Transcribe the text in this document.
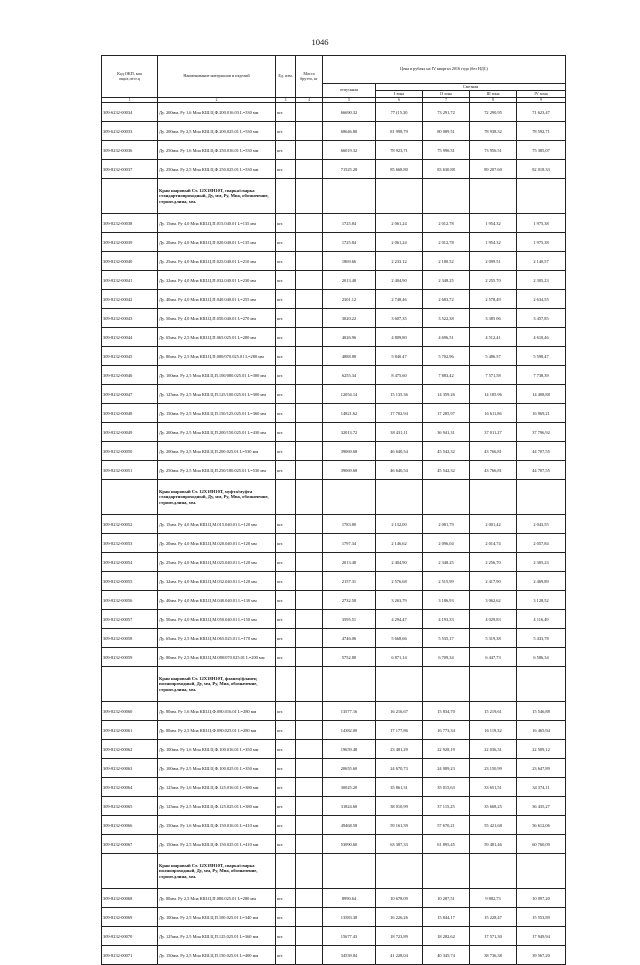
1046
Код ОКП, кап
ощих,чтсг.ц	Наименование материалов и изделий	Ед. изм.	Масса брутто, кг	Цена в рублях на IV квартал 2016 года (без НДС)				
				отпускная	Сметная			
					I зона	II зона	III зона	IV зона
1	2	3	4	5	6	7	8	9
309-6232-00034	Ду. 200мм. Ру 1,6 Мпа КШ.Ц.Ф.200.016.03 L=530 мм	шт.		66690.32	77 (15,30	73 291,72	72 290,95	71 623,47
309-6232-00033	Ду. 200мм. Ру 2,5 Мпа КШ.Ц.Ф.200.025.01 L=530 мм	шт.		68646.80	81 998,79	80 089.51	78 938.32	78 592,71
309-8232-00036	Ду. 250мм. Ру 1,6 Мпа КШ.Ц.Ф.250.016.01 L=530 мм	шт.		66019.32	78 923,71	75 996.31	73 956.51	75 385,07
309-8232-00037	Ду. 250мм. Ру 2,5 Мпа КШ.Ц.Ф.250.025.01 L=530 мм	шт.		71525.28	85 668.80	83 630.88	89 207.60	82 018.33
	Кран шаровый Ст. 12Х18Н10Т, сварка/сварка стандартнопроходный, Ду, мм, Ру, Мпа, обозначение, строит.длина, мм.							
309-8232-00038	Ду. 15мм. Ру 4,0 Мпа КШ.Ц.П.015.040.01 L=135 мм	шт.		1725.84	2 061,24	2 012.78	1 954.32	1 975,38
309-8232-00039	Ду. 20мм. Ру 4,0 Мпа КШ.Ц.П.020.040.01 L=135 мм	шт.		1725.84	2 061,24	2 012,78	1 954.32	1 975,38
309-8232-00040	Ду. 25мм. Ру 4,0 Мпа КШ.Ц.П.025.040.01 L=210 мм	шт.		1869.66	2 233.12	2 180.52	2 099.51	2 140,57
309-8232-00041	Ду. 32мм. Ру 4,0 Мпа КШ.Ц.П.032.040.01 L=230 мм	шт.		2013.48	2 404,90	2 348.25	2 255.70	2 305,23
309-8232-00042	Ду. 40мм. Ру 4,0 Мпа КШ.Ц.П.040.040.01 L=255 мм	шт.		2301.12	2 748,46	2 683,72	2 578,49	2 634,55
309-8232-00043	Ду. 50мм. Ру 4,0 Мпа КШ.Ц.П.050.040.01 L=270 мм	шт.		3020.22	3 607,35	3 522,38	3 385 06	3 457,85
309-8232-00044	Ду. 65мм. Ру 2,5 Мпа КШ.Ц.П.065.025.01 L=280 мм	шт.		4026.96	4 809,80	4 696,51	4 512,41	4 610,46
309-8232-00045	Ду. 80мм. Ру 2,5 Мпа КШ.Ц.П.080/070.025.01 L=280 мм	шт.		4888.88	5 840.47	5 702,96	5 486.57	5 598,47
309-8232-00046	Ду. 100мм. Ру 2,5 Мпа КШ.Ц.П.100/080.025.01 L=300 мм	шт.		6255.34	8 475,60	7 883,42	7 571,58	7 738,39
309-8232-00047	Ду. 125мм. Ру 2,5 Мпа КШ.Ц.П.125/100.025.01 L=300 мм	шт.		12054.14	15 135.36	14 359.26	14 185.96	14 408,88
309-8232-00048	Ду. 150мм. Ру 2,5 Мпа КШ.Ц.П.150/125.025.01 L=360 мм	шт.		14821.62	17 702,94	17 285,97	16 611,86	16 969,21
309-8232-00049	Ду. 200мм. Ру 2,5 Мпа КШ.Ц.П.200/150.025.01 L=430 мм	шт.		32013.72	38 431,11	36 941,31	37 011,27	37 796,92
309-8232-00050	Ду. 200мм. Ру 2,5 Мпа КШ.Ц.П.200.025.01 L=530 мм	шт.		39069.68	46 640,54	45 542,32	43 766,81	44 707,55
309-8232-00051	Ду. 250мм. Ру 2,5 Мпа КШ.Ц.П.250/180.025.01 L=530 мм	шт.		39069.68	46 640,54	45 542,32	43 766,81	44 707,55
	Кран шаровый Ст. 12Х18Н10Т, муфта/муфта стандартнопроходный, Ду, мм, Ру, Мпа, обозначение, строит.длина, мм.							
309-8232-00052	Ду. 15мм. Ру 4,0 Мпа КШ.Ц.М.015.040.01 L=120 мм	шт.		1783.80	2 132,00	2 081,79	2 001,42	2 043,55
309-8232-00053	Ду. 20мм. Ру 4,0 Мпа КШ.Ц.М.020.040.01 L=120 мм	шт.		1797.34	2 146,62	2 096,04	2 014,74	2 057,84
309-8232-00054	Ду. 25мм. Ру 4,0 Мпа КШ.Ц.М.025.040.01 L=120 мм	шт.		2013.48	2 404,90	2 348.25	2 256,70	2 305,23
309-8232-00055	Ду. 32мм. Ру 4,0 Мпа КШ.Ц.М.032.040.01 L=120 мм	шт.		2157.31	2 576,68	2 515,99	2 417,90	2 469,89
309-8232-00056	Ду. 40мм. Ру 4,0 Мпа КШ.Ц.М.040.040.01 L=130 мм	шт.		2732.58	3 263,79	3 186,93	3 062,62	3 128,52
309-8232-00057	Ду. 50мм. Ру 4,0 Мпа КШ.Ц.М.050.040.01 L=150 мм	шт.		3595.51	4 294,47	4 193,33	4 029,83	4 116,49
309-8232-00058	Ду. 65мм. Ру 2,5 Мпа КШ.Ц.М.065.025.01 L=170 мм	шт.		4746.06	5 668,66	5 535,17	5 319,38	5 433,78
309-8232-00059	Ду. 80мм. Ру 2,5 Мпа КШ.Ц.М.080/070.025.01 L=200 мм	шт.		5752.80	6 871,14	6 709,34	6 447,73	6 586,34
	Кран шаровый Ст. 12Х18Н10Т, фланец/фланец полнопроходный, Ду, мм, Ру, Мпа, обозначение, строит.длина, мм.							
309-8232-00060	Ду. 80мм. Ру 1,6 Мпа КШ.Ц.Ф.080.016.01 L=280 мм	шт.		13577.16	16 216,67	15 834,70	15 219,61	15 546,88
309-8232-00061	Ду. 80мм. Ру 2,5 Мпа КШ.Ц.Ф.080.025.01 L=280 мм	шт.		14382.00	17 177,86	16 773,34	16 119,32	16 465,94
309-8232-00062	Ду. 100мм. Ру 1,6 Мпа КШ.Ц.Ф.100.016.01 L=350 мм	шт.		19659.48	23 481,29	22 928,19	22 036,31	22 509,12
309-8232-00063	Ду. 100мм. Ру 2,5 Мпа КШ.Ц.Ф.100.025.01 L=350 мм	шт.		20655.60	24 670,73	24 089,23	23 150,99	23 647,89
309-8232-00064	Ду. 125мм. Ру 1,6 Мпа КШ.Ц.Ф.125.016.01 L=380 мм	шт.		30025.20	35 861,31	35 015,63	33 651,51	34 374,11
309-8232-00065	Ду. 125мм. Ру 2,5 Мпа КШ.Ц.Ф.125.025.01 L=380 мм	шт.		31824.60	38 010,99	37 115,25	35 668,25	36 435,27
309-8232-00066	Ду. 150мм. Ру 1,6 Мпа КШ.Ц.Ф.150.016.01 L=410 мм	шт.		49468.58	59 161,39	57 670,21	55 421,68	56 612,06
309-8232-00067	Ду. 150мм. Ру 2,5 Мпа КШ.Ц.Ф.150.025.01 L=410 мм	шт.		53090.60	63 387,33	61 895,45	59 481,46	60 760,09
	Кран шаровый Ст. 12Х18Н10Т, сварка/сварка полнопроходный, Ду, мм, Ру, Мпа, обозначение, строит.длина, мм.							
309-8232-00068	Ду. 80мм. Ру 2,5 Мпа КШ.Ц.П.080.025.01 L=280 мм	шт.		8990.64	10 678,09	10 287,51	9 882,73	10 097,20
309-8232-00069	Ду. 100мм. Ру 2,5 Мпа КШ.Ц.П.100.025.01 L=340 мм	шт.		13583.38	16 226,26	15 844,17	15 228,47	15 553,89
309-8232-00070	Ду. 125мм. Ру 2,5 Мпа КШ.Ц.П.125.025.01 L=360 мм	шт.		15677.43	18 723,89	18 282,62	17 571,30	17 949,94
309-8232-00071	Ду. 150мм. Ру 2,5 Мпа КШ.Ц.П.150.025.01 L=400 мм	шт.		34539.84	41 228,04	40 345,74	38 736,38	39 567,20
